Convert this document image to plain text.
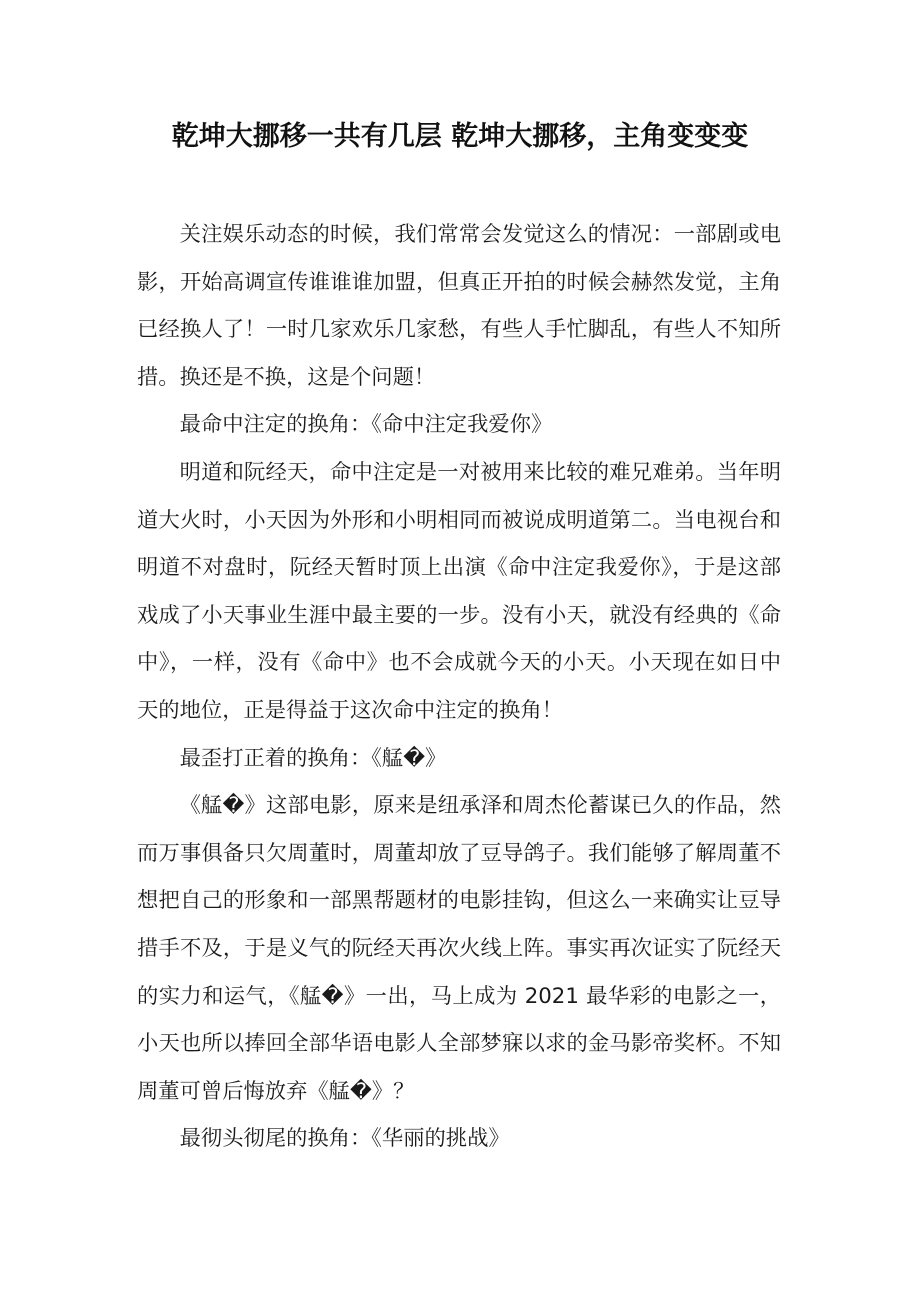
乾坤大挪移一共有几层 乾坤大挪移，主角变变变

关注娱乐动态的时候，我们常常会发觉这么的情况：一部剧或电影，开始高调宣传谁谁谁加盟，但真正开拍的时候会赫然发觉，主角已经换人了！一时几家欢乐几家愁，有些人手忙脚乱，有些人不知所措。换还是不换，这是个问题！

最命中注定的换角：《命中注定我爱你》

明道和阮经天，命中注定是一对被用来比较的难兄难弟。当年明道大火时，小天因为外形和小明相同而被说成明道第二。当电视台和明道不对盘时，阮经天暂时顶上出演《命中注定我爱你》，于是这部戏成了小天事业生涯中最主要的一步。没有小天，就没有经典的《命中》，一样，没有《命中》也不会成就今天的小天。小天现在如日中天的地位，正是得益于这次命中注定的换角！

最歪打正着的换角：《艋�》

《艋�》这部电影，原来是纽承泽和周杰伦蓄谋已久的作品，然而万事俱备只欠周董时，周董却放了豆导鸽子。我们能够了解周董不想把自己的形象和一部黑帮题材的电影挂钩，但这么一来确实让豆导措手不及，于是义气的阮经天再次火线上阵。事实再次证实了阮经天的实力和运气，《艋�》一出，马上成为 2021 最华彩的电影之一，小天也所以捧回全部华语电影人全部梦寐以求的金马影帝奖杯。不知周董可曾后悔放弃《艋�》？

最彻头彻尾的换角：《华丽的挑战》
